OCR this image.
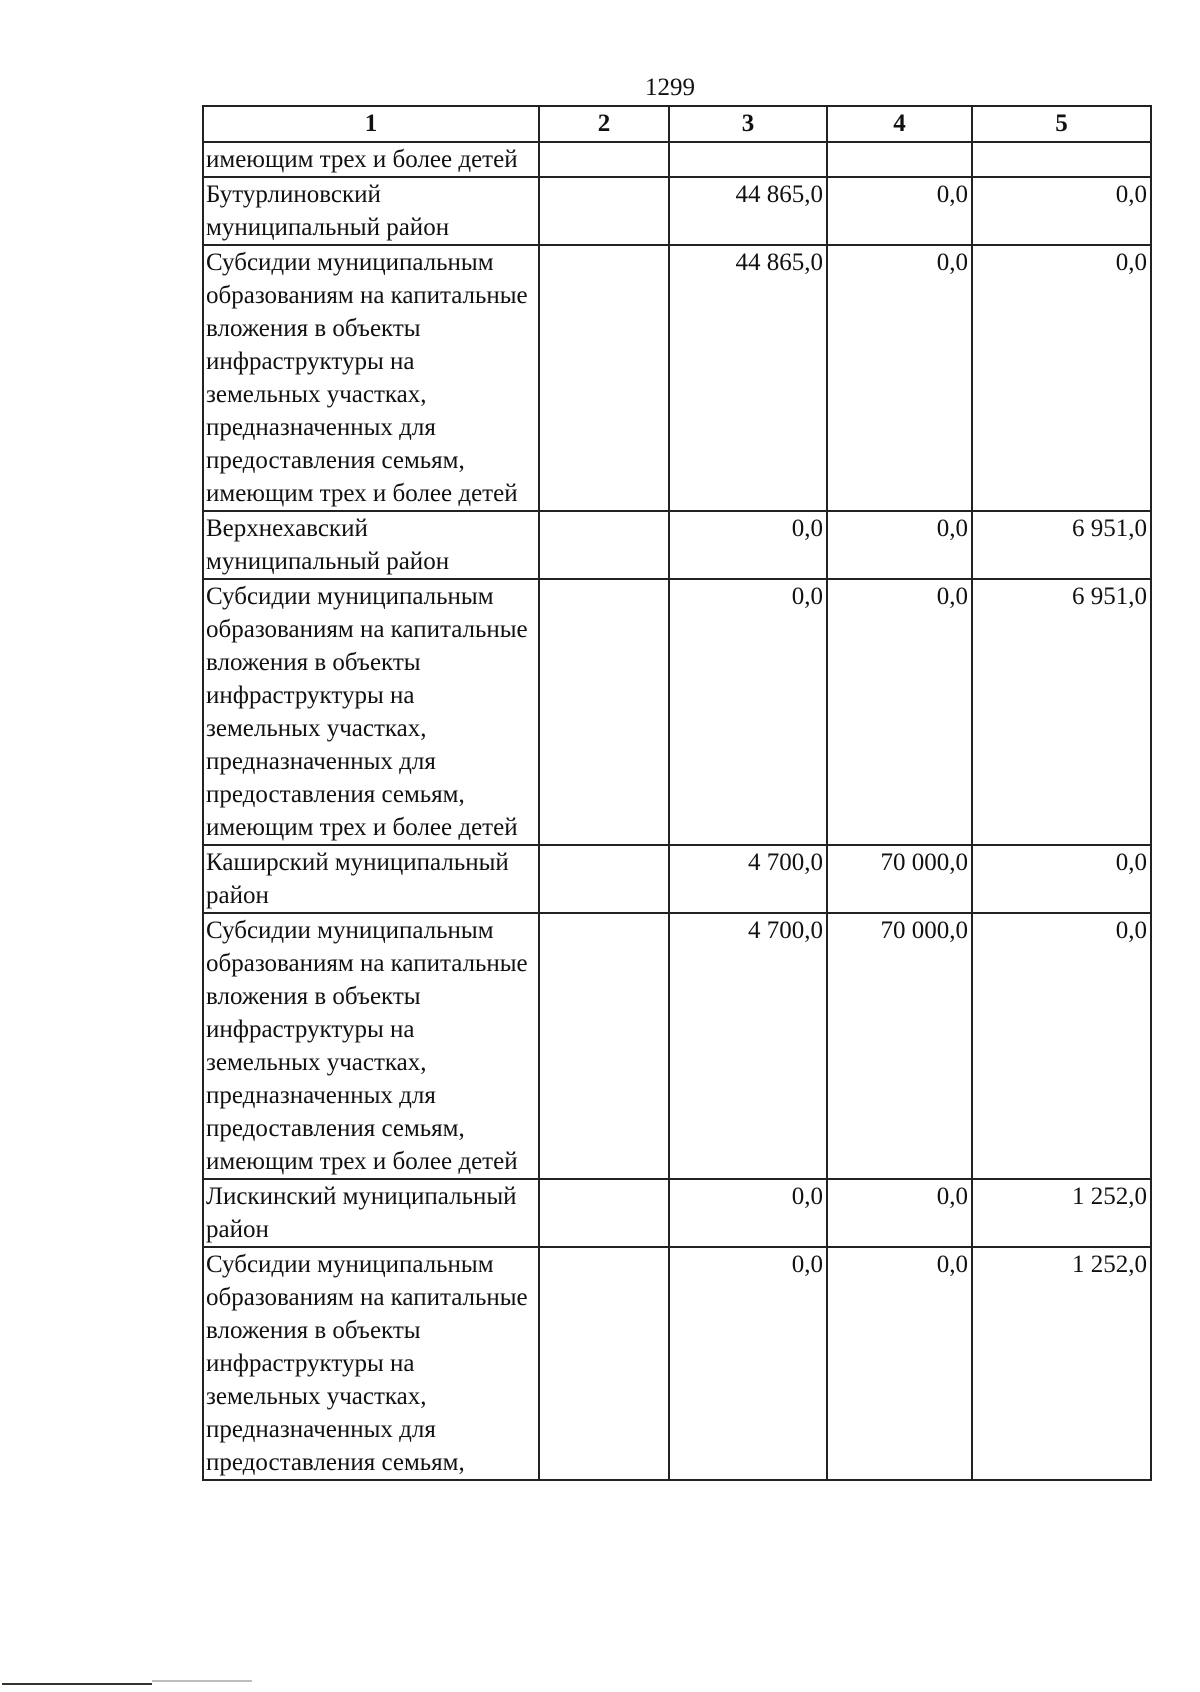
1299
1	2	3	4	5
имеющим трех и более детей				
Бутурлиновский муниципальный район		44 865,0	0,0	0,0
Субсидии муниципальным образованиям на капитальные вложения в объекты инфраструктуры на земельных участках, предназначенных для предоставления семьям, имеющим трех и более детей		44 865,0	0,0	0,0
Верхнехавский муниципальный район		0,0	0,0	6 951,0
Субсидии муниципальным образованиям на капитальные вложения в объекты инфраструктуры на земельных участках, предназначенных для предоставления семьям, имеющим трех и более детей		0,0	0,0	6 951,0
Каширский муниципальный район		4 700,0	70 000,0	0,0
Субсидии муниципальным образованиям на капитальные вложения в объекты инфраструктуры на земельных участках, предназначенных для предоставления семьям, имеющим трех и более детей		4 700,0	70 000,0	0,0
Лискинский муниципальный район		0,0	0,0	1 252,0
Субсидии муниципальным образованиям на капитальные вложения в объекты инфраструктуры на земельных участках, предназначенных для предоставления семьям,		0,0	0,0	1 252,0
